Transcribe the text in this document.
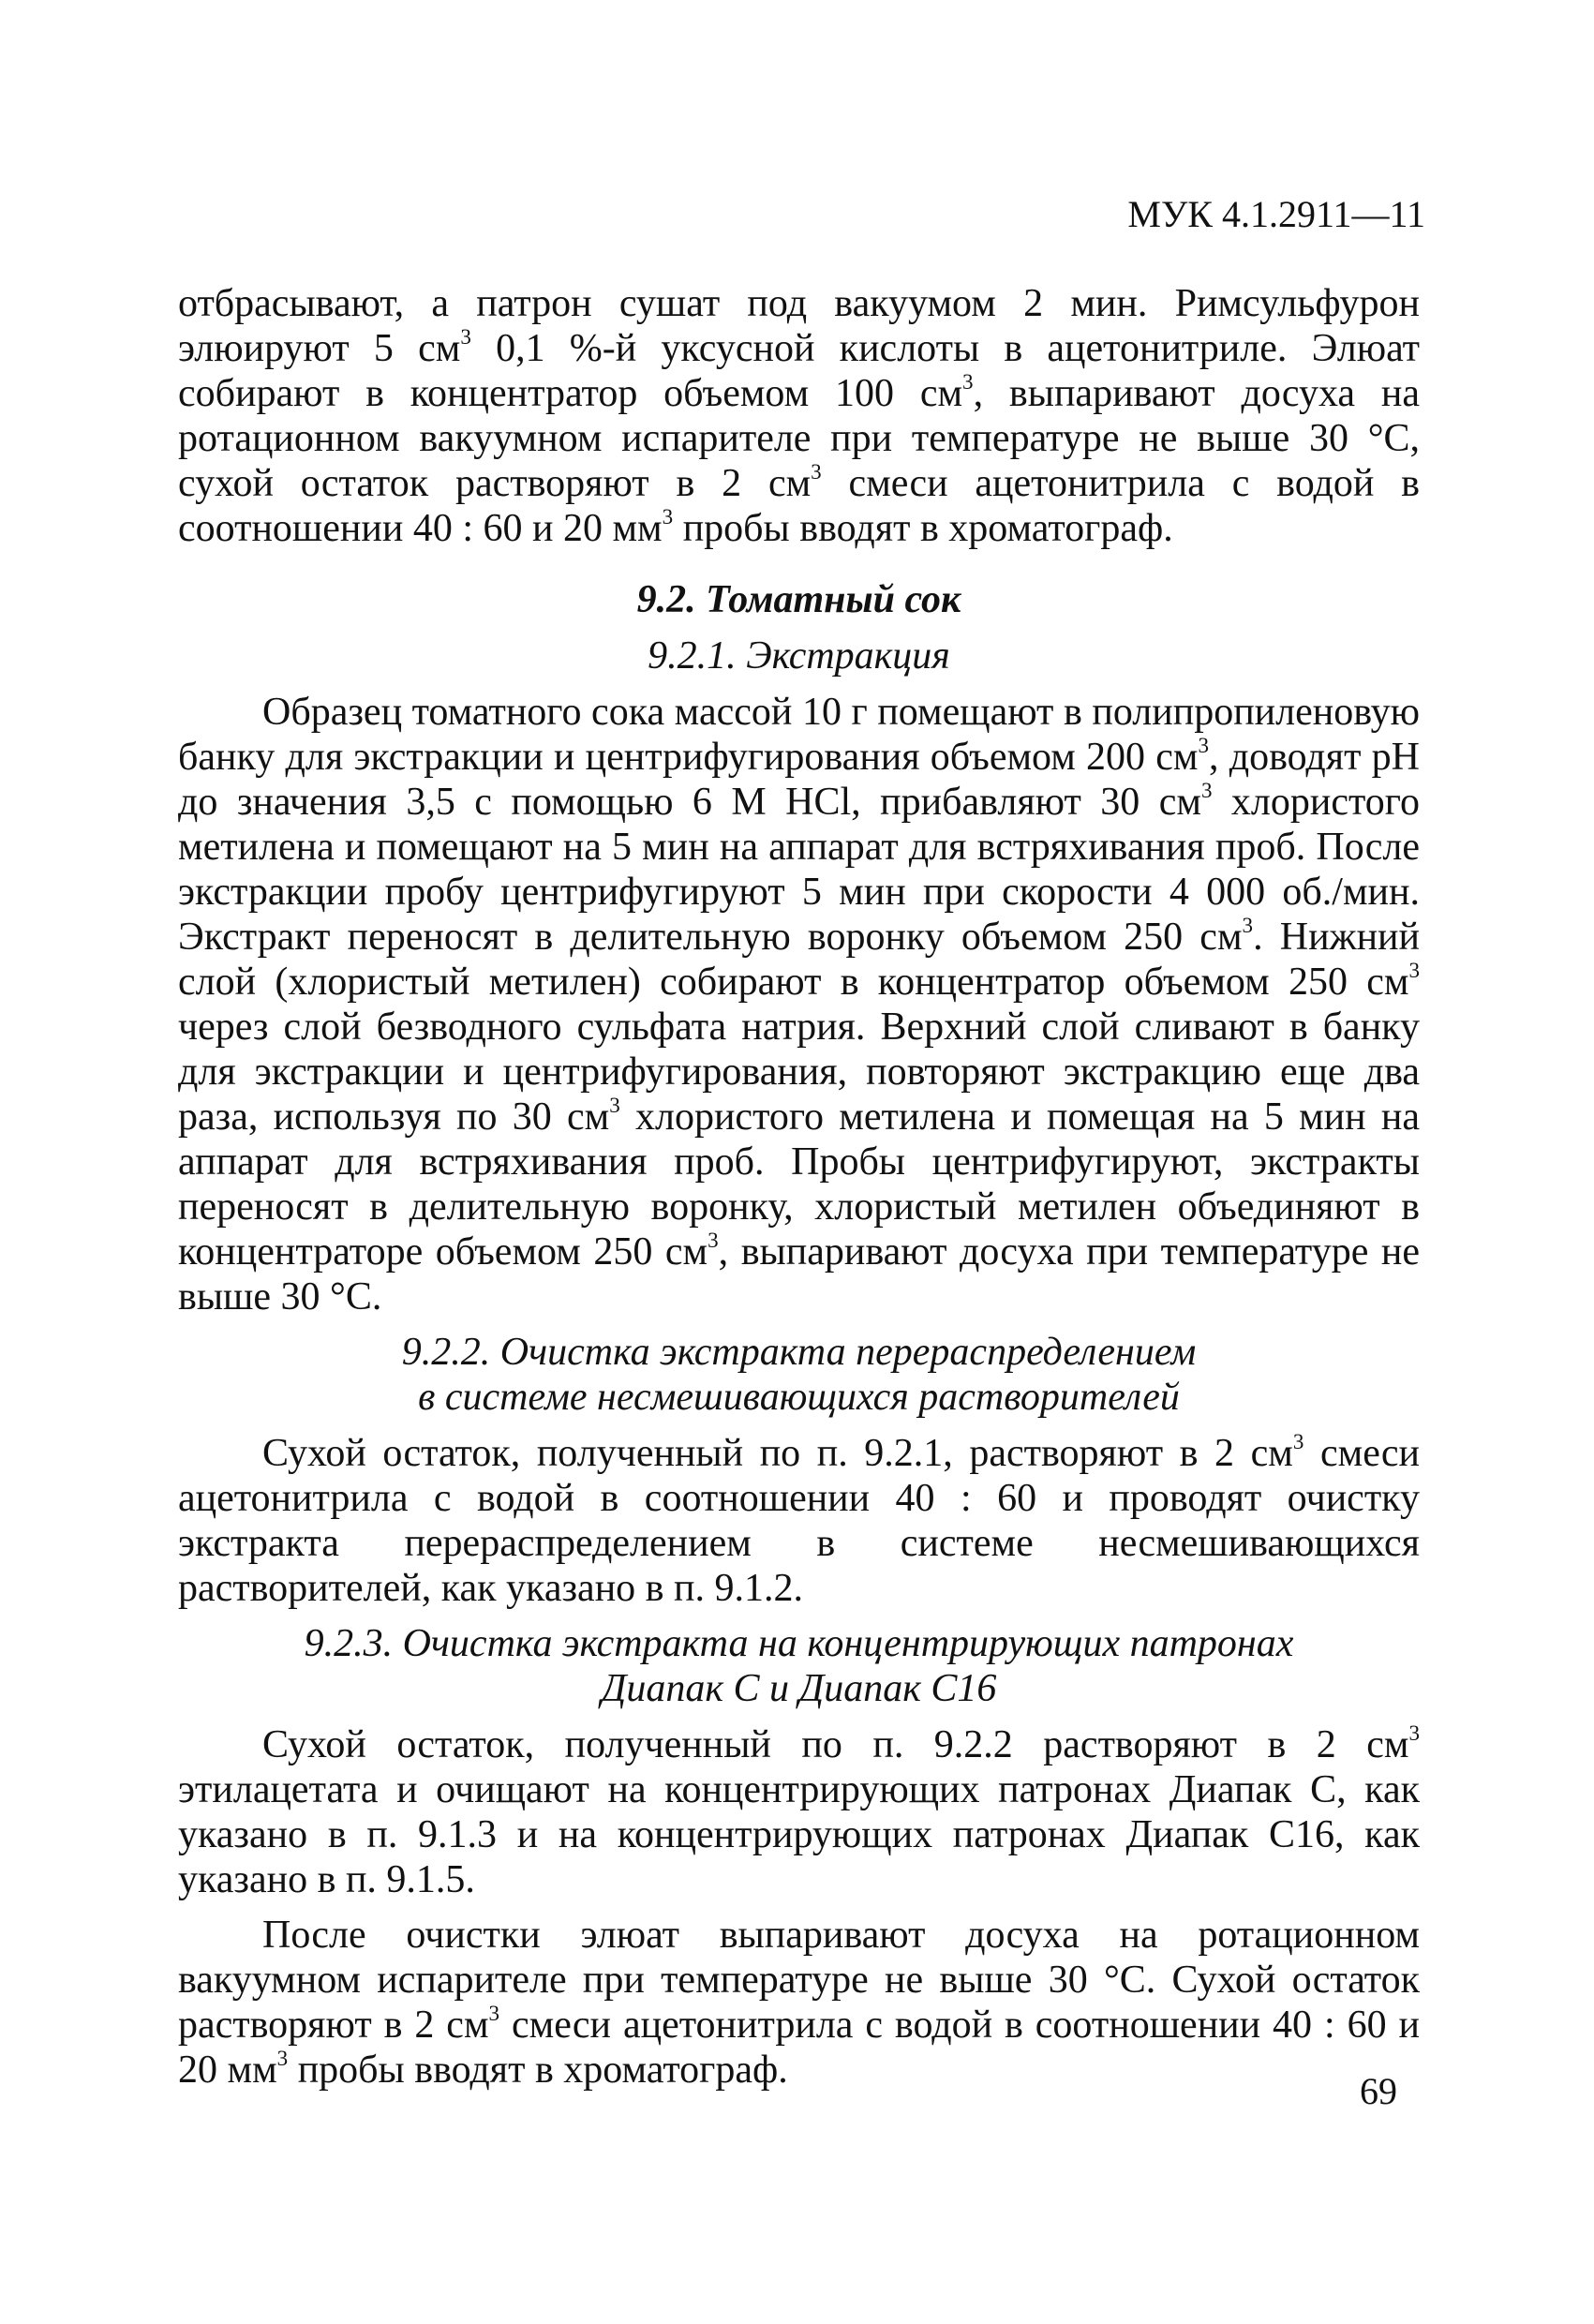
МУК 4.1.2911—11

отбрасывают, а патрон сушат под вакуумом 2 мин. Римсульфурон элюируют 5 $см^3$ 0,1 %-й уксусной кислоты в ацетонитриле. Элюат собирают в концентратор объемом 100 $см^3$, выпаривают досуха на ротационном вакуумном испарителе при температуре не выше 30 °С, сухой остаток растворяют в 2 $см^3$ смеси ацетонитрила с водой в соотношении 40 : 60 и 20 $мм^3$ пробы вводят в хроматограф.

9.2. Томатный сок
9.2.1. Экстракция

Образец томатного сока массой 10 г помещают в полипропиленовую банку для экстракции и центрифугирования объемом 200 $см^3$, доводят рН до значения 3,5 с помощью 6 М HCl, прибавляют 30 $см^3$ хлористого метилена и помещают на 5 мин на аппарат для встряхивания проб. После экстракции пробу центрифугируют 5 мин при скорости 4 000 об./мин. Экстракт переносят в делительную воронку объемом 250 $см^3$. Нижний слой (хлористый метилен) собирают в концентратор объемом 250 $см^3$ через слой безводного сульфата натрия. Верхний слой сливают в банку для экстракции и центрифугирования, повторяют экстракцию еще два раза, используя по 30 $см^3$ хлористого метилена и помещая на 5 мин на аппарат для встряхивания проб. Пробы центрифугируют, экстракты переносят в делительную воронку, хлористый метилен объединяют в концентраторе объемом 250 $см^3$, выпаривают досуха при температуре не выше 30 °С.

9.2.2. Очистка экстракта перераспределением
в системе несмешивающихся растворителей

Сухой остаток, полученный по п. 9.2.1, растворяют в 2 $см^3$ смеси ацетонитрила с водой в соотношении 40 : 60 и проводят очистку экстракта перераспределением в системе несмешивающихся растворителей, как указано в п. 9.1.2.

9.2.3. Очистка экстракта на концентрирующих патронах
Диапак С и Диапак С16

Сухой остаток, полученный по п. 9.2.2 растворяют в 2 $см^3$ этилацетата и очищают на концентрирующих патронах Диапак С, как указано в п. 9.1.3 и на концентрирующих патронах Диапак С16, как указано в п. 9.1.5.

После очистки элюат выпаривают досуха на ротационном вакуумном испарителе при температуре не выше 30 °С. Сухой остаток растворяют в 2 $см^3$ смеси ацетонитрила с водой в соотношении 40 : 60 и 20 $мм^3$ пробы вводят в хроматограф.	69
